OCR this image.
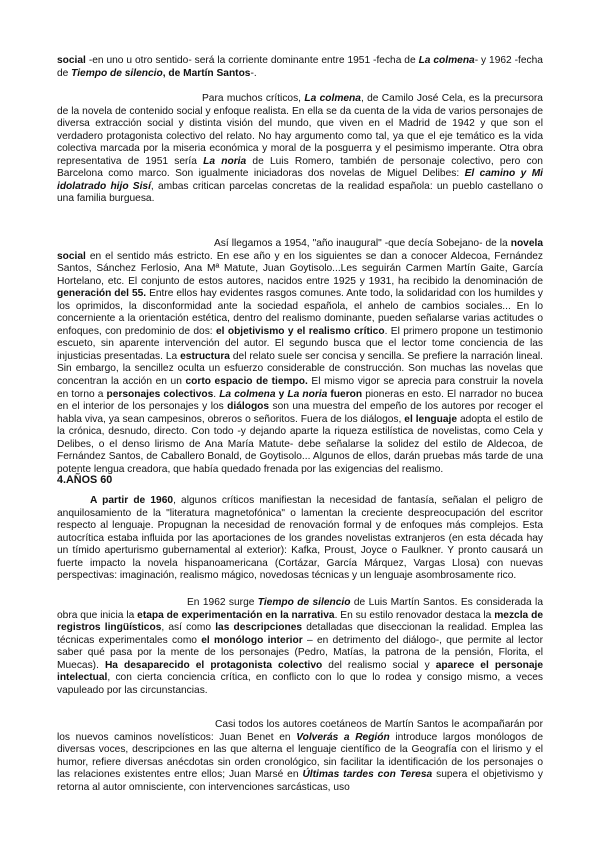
social -en uno u otro sentido- será la corriente dominante entre 1951 -fecha de La colmena- y 1962 -fecha de Tiempo de silencio, de Martín Santos-.

Para muchos críticos, La colmena, de Camilo José Cela, es la precursora de la novela de contenido social y enfoque realista. En ella se da cuenta de la vida de varios personajes de diversa extracción social y distinta visión del mundo, que viven en el Madrid de 1942 y que son el verdadero protagonista colectivo del relato. No hay argumento como tal, ya que el eje temático es la vida colectiva marcada por la miseria económica y moral de la posguerra y el pesimismo imperante. Otra obra representativa de 1951 sería La noria de Luis Romero, también de personaje colectivo, pero con Barcelona como marco. Son igualmente iniciadoras dos novelas de Miguel Delibes: El camino y Mi idolatrado hijo Sisí, ambas critican parcelas concretas de la realidad española: un pueblo castellano o una familia burguesa.

Así llegamos a 1954, "año inaugural" -que decía Sobejano- de la novela social en el sentido más estricto. En ese año y en los siguientes se dan a conocer Aldecoa, Fernández Santos, Sánchez Ferlosio, Ana Mª Matute, Juan Goytisolo...Les seguirán Carmen Martín Gaite, García Hortelano, etc. El conjunto de estos autores, nacidos entre 1925 y 1931, ha recibido la denominación de generación del 55. Entre ellos hay evidentes rasgos comunes. Ante todo, la solidaridad con los humildes y los oprimidos, la disconformidad ante la sociedad española, el anhelo de cambios sociales... En lo concerniente a la orientación estética, dentro del realismo dominante, pueden señalarse varias actitudes o enfoques, con predominio de dos: el objetivismo y el realismo crítico. El primero propone un testimonio escueto, sin aparente intervención del autor. El segundo busca que el lector tome conciencia de las injusticias presentadas. La estructura del relato suele ser concisa y sencilla. Se prefiere la narración lineal. Sin embargo, la sencillez oculta un esfuerzo considerable de construcción. Son muchas las novelas que concentran la acción en un corto espacio de tiempo. El mismo vigor se aprecia para construir la novela en torno a personajes colectivos. La colmena y La noria fueron pioneras en esto. El narrador no bucea en el interior de los personajes y los diálogos son una muestra del empeño de los autores por recoger el habla viva, ya sean campesinos, obreros o señoritos. Fuera de los diálogos, el lenguaje adopta el estilo de la crónica, desnudo, directo. Con todo -y dejando aparte la riqueza estilística de novelistas, como Cela y Delibes, o el denso lirismo de Ana María Matute- debe señalarse la solidez del estilo de Aldecoa, de Fernández Santos, de Caballero Bonald, de Goytisolo... Algunos de ellos, darán pruebas más tarde de una potente lengua creadora, que había quedado frenada por las exigencias del realismo.

4.AÑOS 60

A partir de 1960, algunos críticos manifiestan la necesidad de fantasía, señalan el peligro de anquilosamiento de la "literatura magnetofónica" o lamentan la creciente despreocupación del escritor respecto al lenguaje. Propugnan la necesidad de renovación formal y de enfoques más complejos. Esta autocrítica estaba influida por las aportaciones de los grandes novelistas extranjeros (en esta década hay un tímido aperturismo gubernamental al exterior): Kafka, Proust, Joyce o Faulkner. Y pronto causará un fuerte impacto la novela hispanoamericana (Cortázar, García Márquez, Vargas Llosa) con nuevas perspectivas: imaginación, realismo mágico, novedosas técnicas y un lenguaje asombrosamente rico.

En 1962 surge Tiempo de silencio de Luis Martín Santos. Es considerada la obra que inicia la etapa de experimentación en la narrativa. En su estilo renovador destaca la mezcla de registros lingüísticos, así como las descripciones detalladas que diseccionan la realidad. Emplea las técnicas experimentales como el monólogo interior – en detrimento del diálogo-, que permite al lector saber qué pasa por la mente de los personajes (Pedro, Matías, la patrona de la pensión, Florita, el Muecas). Ha desaparecido el protagonista colectivo del realismo social y aparece el personaje intelectual, con cierta conciencia crítica, en conflicto con lo que lo rodea y consigo mismo, a veces vapuleado por las circunstancias.

Casi todos los autores coetáneos de Martín Santos le acompañarán por los nuevos caminos novelísticos: Juan Benet en Volverás a Región introduce largos monólogos de diversas voces, descripciones en las que alterna el lenguaje científico de la Geografía con el lirismo y el humor, refiere diversas anécdotas sin orden cronológico, sin facilitar la identificación de los personajes o las relaciones existentes entre ellos; Juan Marsé en Últimas tardes con Teresa supera el objetivismo y retorna al autor omnisciente, con intervenciones sarcásticas, uso
